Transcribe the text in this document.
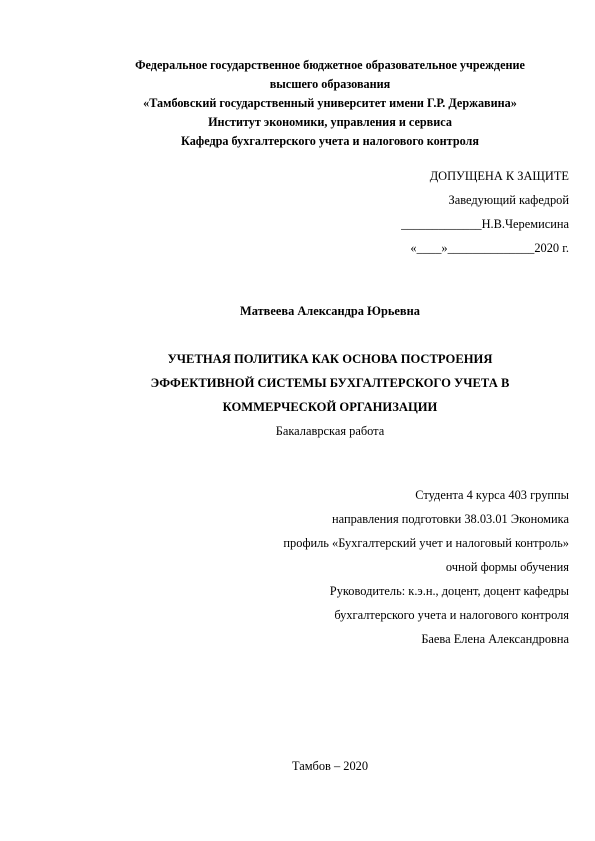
Федеральное государственное бюджетное образовательное учреждение
высшего образования
«Тамбовский государственный университет имени Г.Р. Державина»
Институт экономики, управления и сервиса
Кафедра бухгалтерского учета и налогового контроля
ДОПУЩЕНА К ЗАЩИТЕ
Заведующий кафедрой
_____________Н.В.Черемисина
«____»______________2020 г.
Матвеева Александра Юрьевна
УЧЕТНАЯ ПОЛИТИКА КАК ОСНОВА ПОСТРОЕНИЯ
ЭФФЕКТИВНОЙ СИСТЕМЫ БУХГАЛТЕРСКОГО УЧЕТА В
КОММЕРЧЕСКОЙ ОРГАНИЗАЦИИ
Бакалаврская работа
Студента 4 курса 403 группы
направления подготовки 38.03.01 Экономика
профиль «Бухгалтерский учет и налоговый контроль»
очной формы обучения
Руководитель: к.э.н., доцент, доцент кафедры
бухгалтерского учета и налогового контроля
Баева Елена Александровна
Тамбов – 2020
